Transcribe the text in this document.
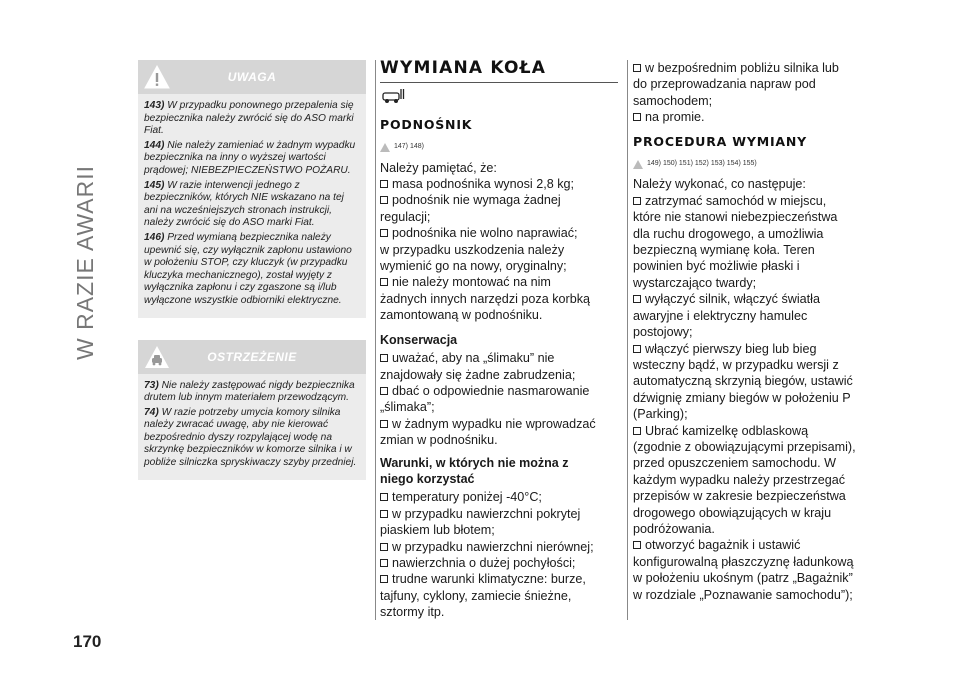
W RAZIE AWARII
170
UWAGA

143) W przypadku ponownego przepalenia się bezpiecznika należy zwrócić się do ASO marki Fiat.

144) Nie należy zamieniać w żadnym wypadku bezpiecznika na inny o wyższej wartości prądowej; NIEBEZPIECZEŃSTWO POŻARU.

145) W razie interwencji jednego z bezpieczników, których NIE wskazano na tej ani na wcześniejszych stronach instrukcji, należy zwrócić się do ASO marki Fiat.

146) Przed wymianą bezpiecznika należy upewnić się, czy wyłącznik zapłonu ustawiono w położeniu STOP, czy kluczyk (w przypadku kluczyka mechanicznego), został wyjęty z wyłącznika zapłonu i czy zgaszone są i/lub wyłączone wszystkie odbiorniki elektryczne.

OSTRZEŻENIE

73) Nie należy zastępować nigdy bezpiecznika drutem lub innym materiałem przewodzącym.

74) W razie potrzeby umycia komory silnika należy zwracać uwagę, aby nie kierować bezpośrednio dyszy rozpylającej wodę na skrzynkę bezpieczników w komorze silnika i w pobliże silniczka spryskiwaczy szyby przedniej.

WYMIANA KOŁA
PODNOŚNIK
147) 148)

Należy pamiętać, że:

masa podnośnika wynosi 2,8 kg;

podnośnik nie wymaga żadnej

regulacji;

podnośnika nie wolno naprawiać;

w przypadku uszkodzenia należy

wymienić go na nowy, oryginalny;

nie należy montować na nim

żadnych innych narzędzi poza korbką

zamontowaną w podnośniku.

Konserwacja

uważać, aby na „ślimaku” nie

znajdowały się żadne zabrudzenia;

dbać o odpowiednie nasmarowanie

„ślimaka”;

w żadnym wypadku nie wprowadzać

zmian w podnośniku.

Warunki, w których nie można z
niego korzystać

temperatury poniżej -40°C;

w przypadku nawierzchni pokrytej

piaskiem lub błotem;

w przypadku nawierzchni nierównej;

nawierzchnia o dużej pochyłości;

trudne warunki klimatyczne: burze,

tajfuny, cyklony, zamiecie śnieżne,

sztormy itp.

w bezpośrednim pobliżu silnika lub

do przeprowadzania napraw pod

samochodem;

na promie.

PROCEDURA WYMIANY
149) 150) 151) 152) 153) 154) 155)

Należy wykonać, co następuje:

zatrzymać samochód w miejscu,

które nie stanowi niebezpieczeństwa

dla ruchu drogowego, a umożliwia

bezpieczną wymianę koła. Teren

powinien być możliwie płaski i

wystarczająco twardy;

wyłączyć silnik, włączyć światła

awaryjne i elektryczny hamulec

postojowy;

włączyć pierwszy bieg lub bieg

wsteczny bądź, w przypadku wersji z

automatyczną skrzynią biegów, ustawić

dźwignię zmiany biegów w położeniu P

(Parking);

Ubrać kamizelkę odblaskową

(zgodnie z obowiązującymi przepisami),

przed opuszczeniem samochodu. W

każdym wypadku należy przestrzegać

przepisów w zakresie bezpieczeństwa

drogowego obowiązujących w kraju

podróżowania.

otworzyć bagażnik i ustawić

konfigurowalną płaszczyznę ładunkową

w położeniu ukośnym (patrz „Bagażnik”

w rozdziale „Poznawanie samochodu”);
